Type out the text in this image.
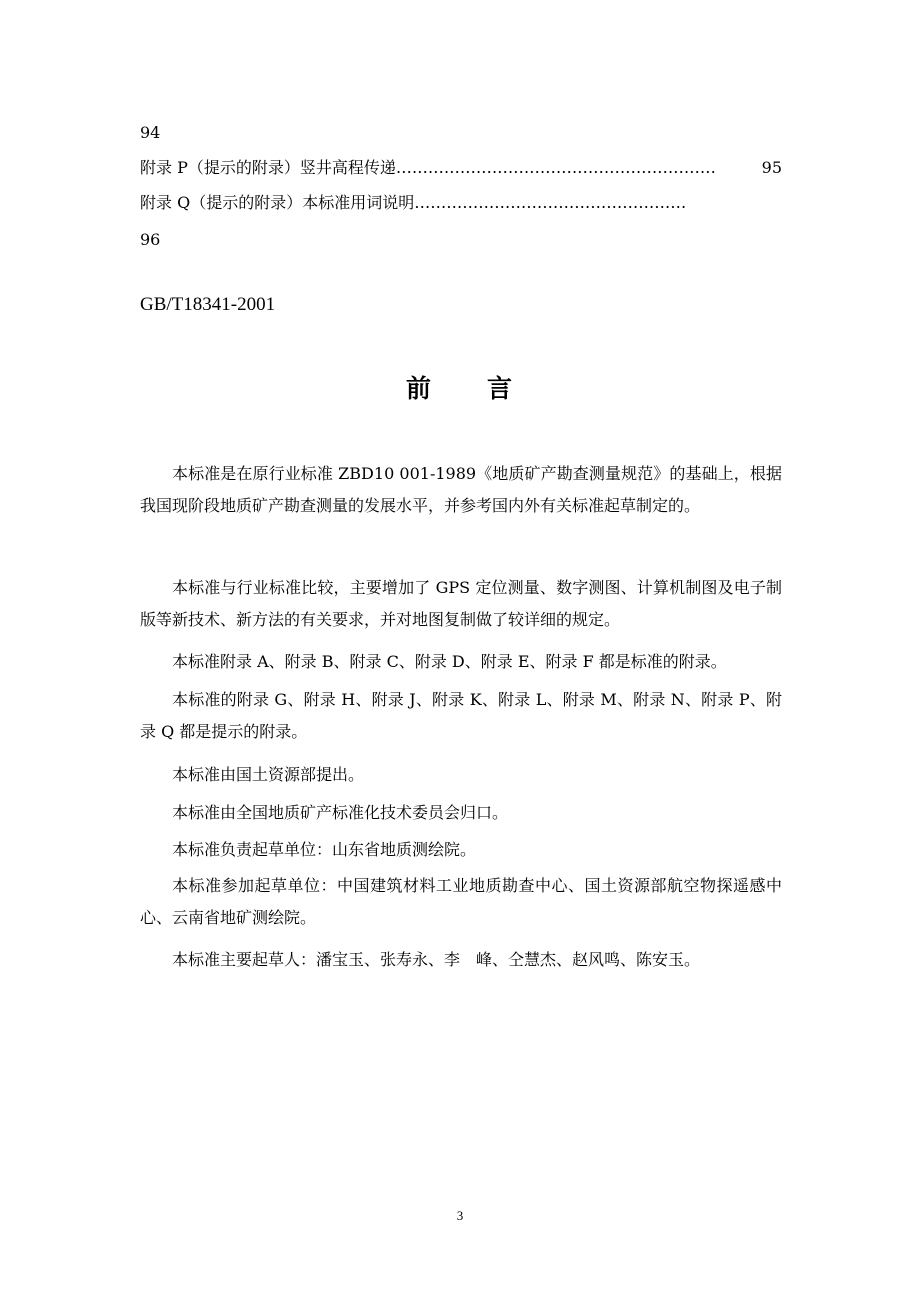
94
附录 P（提示的附录）竖井高程传递 ……………………………………………………	95
附录 Q（提示的附录）本标准用词说明 ……………………………………………
96
GB/T18341-2001
前　　言
本标准是在原行业标准 ZBD10 001-1989《地质矿产勘查测量规范》的基础上，根据我国现阶段地质矿产勘查测量的发展水平，并参考国内外有关标准起草制定的。
本标准与行业标准比较，主要增加了 GPS 定位测量、数字测图、计算机制图及电子制版等新技术、新方法的有关要求，并对地图复制做了较详细的规定。
本标准附录 A、附录 B、附录 C、附录 D、附录 E、附录 F 都是标准的附录。
本标准的附录 G、附录 H、附录 J、附录 K、附录 L、附录 M、附录 N、附录 P、附录 Q 都是提示的附录。
本标准由国土资源部提出。
本标准由全国地质矿产标准化技术委员会归口。
本标准负责起草单位：山东省地质测绘院。
本标准参加起草单位：中国建筑材料工业地质勘查中心、国土资源部航空物探遥感中心、云南省地矿测绘院。
本标准主要起草人：潘宝玉、张寿永、李　峰、仝慧杰、赵风鸣、陈安玉。
3
